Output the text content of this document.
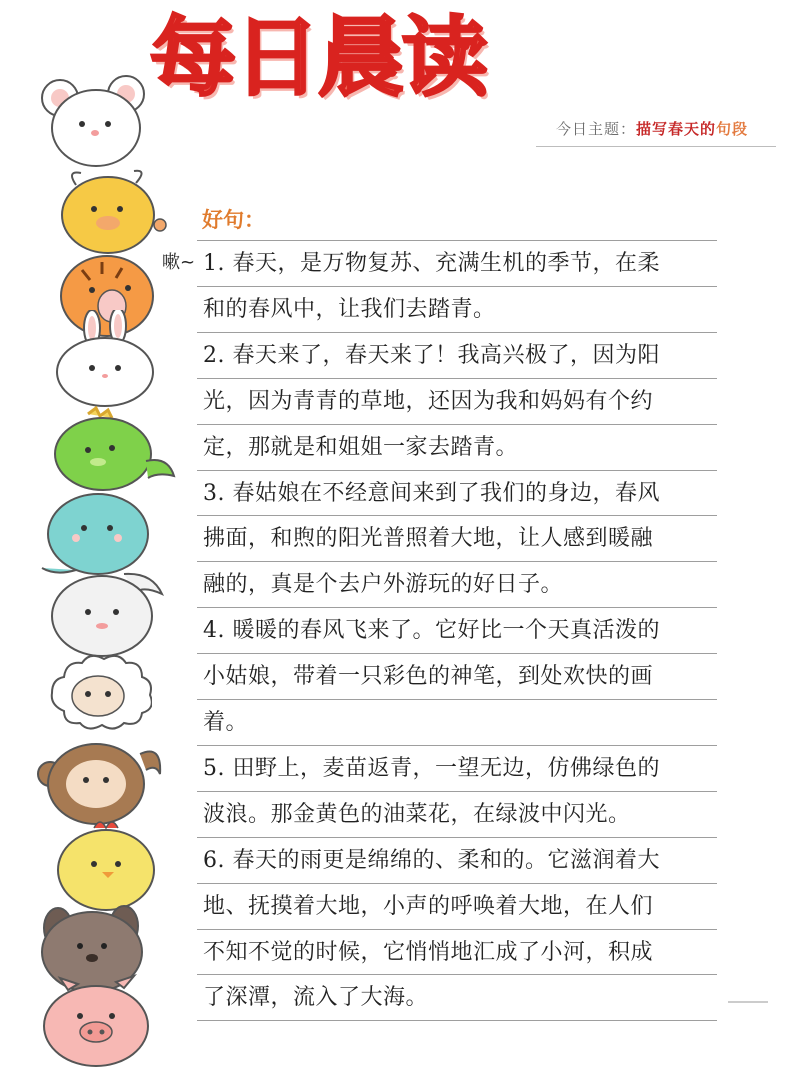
每日晨读
今日主题：描写春天的句段
好句：
嗽~ 1. 春天，是万物复苏、充满生机的季节，在柔
和的春风中，让我们去踏青。
2. 春天来了，春天来了！我高兴极了，因为阳
光，因为青青的草地，还因为我和妈妈有个约
定，那就是和姐姐一家去踏青。
3. 春姑娘在不经意间来到了我们的身边，春风
拂面，和煦的阳光普照着大地，让人感到暖融
融的，真是个去户外游玩的好日子。
4. 暖暖的春风飞来了。它好比一个天真活泼的
小姑娘，带着一只彩色的神笔，到处欢快的画
着。
5. 田野上，麦苗返青，一望无边，仿佛绿色的
波浪。那金黄色的油菜花，在绿波中闪光。
6. 春天的雨更是绵绵的、柔和的。它滋润着大
地、抚摸着大地，小声的呼唤着大地，在人们
不知不觉的时候，它悄悄地汇成了小河，积成
了深潭，流入了大海。
